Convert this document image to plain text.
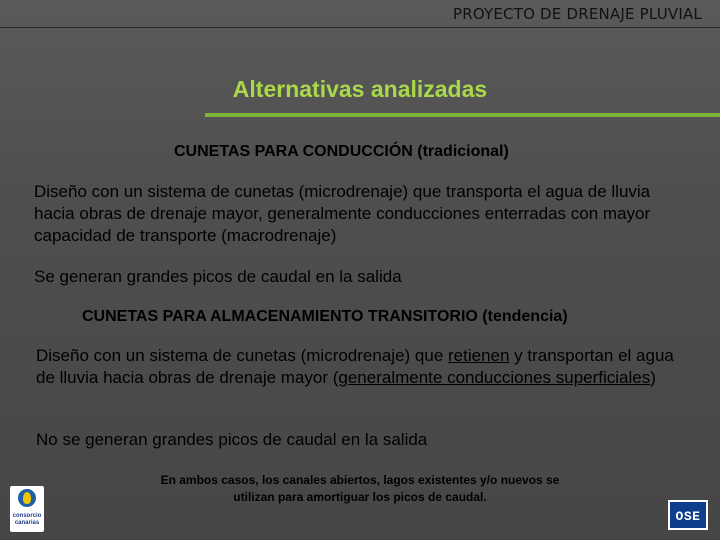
PROYECTO DE DRENAJE PLUVIAL
Alternativas analizadas
CUNETAS PARA CONDUCCIÓN (tradicional)
Diseño con un sistema de cunetas (microdrenaje) que transporta el agua de lluvia hacia obras de drenaje mayor, generalmente conducciones enterradas con mayor capacidad de transporte (macrodrenaje)
Se generan grandes picos de caudal en la salida
CUNETAS PARA ALMACENAMIENTO TRANSITORIO (tendencia)
Diseño con un sistema de cunetas (microdrenaje) que retienen y transportan el agua de lluvia hacia obras de drenaje mayor (generalmente conducciones superficiales)
No se generan grandes picos de caudal en la salida
En ambos casos, los canales abiertos, lagos existentes y/o nuevos se utilizan para amortiguar los picos de caudal.
consorcio canarias	OSE
